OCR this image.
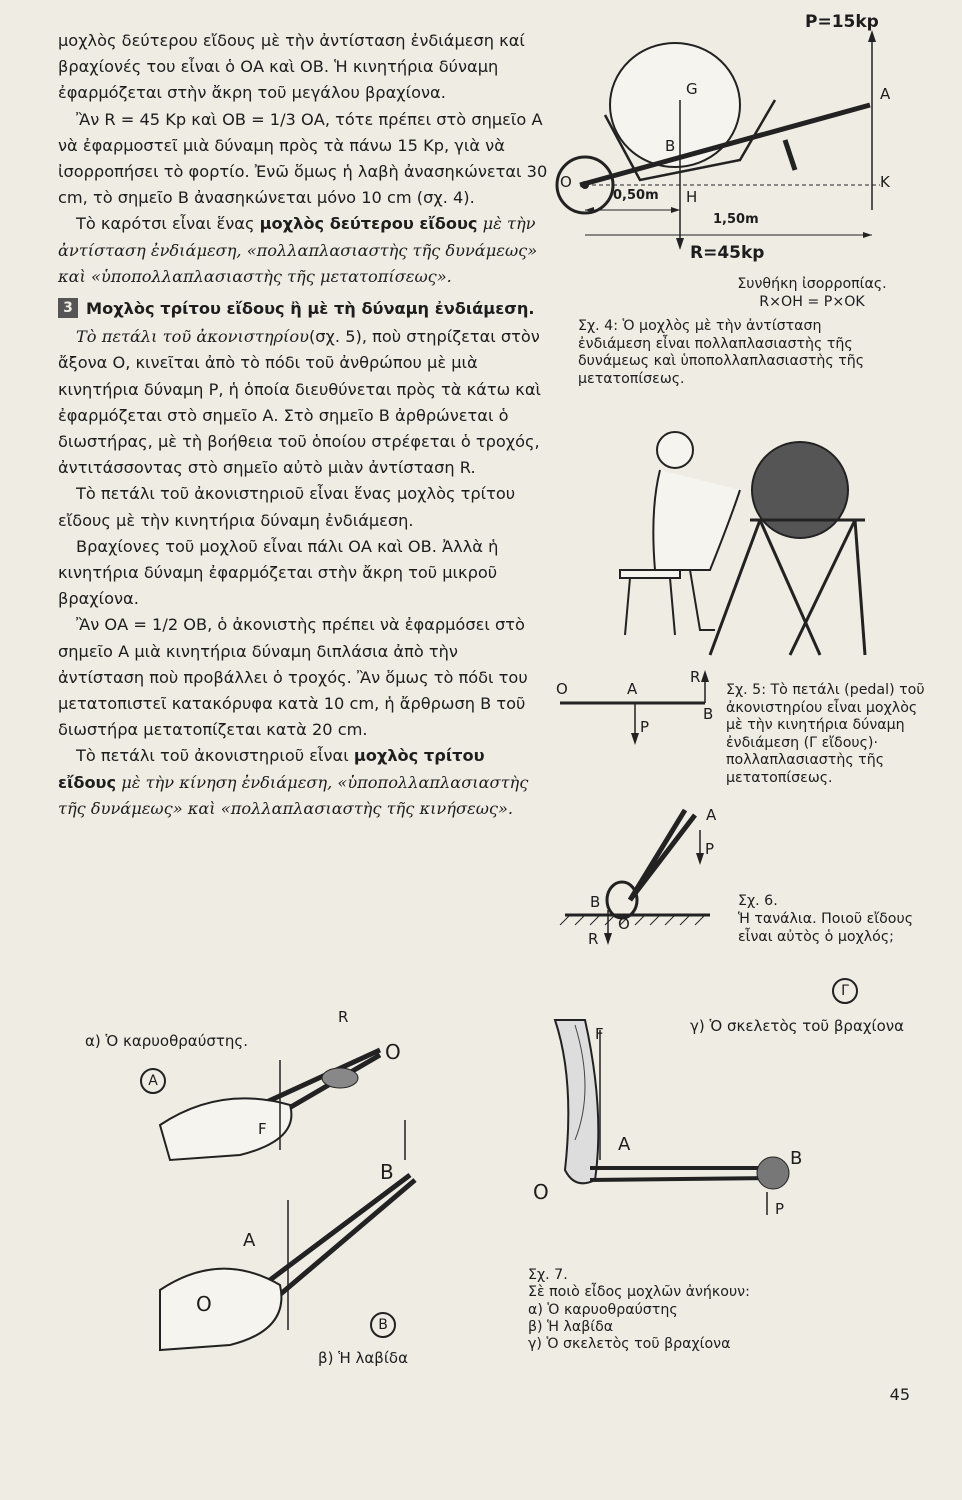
μοχλὸς δεύτερου εἴδους μὲ τὴν ἀντίσταση ἐνδιάμεση καί

βραχίονές του εἶναι ὁ ΟΑ καὶ ΟΒ. Ἡ κινητήρια δύναμη

ἐφαρμόζεται στὴν ἄκρη τοῦ μεγάλου βραχίονα.

Ἂν R = 45 Kp καὶ ΟΒ = 1/3 ΟΑ, τότε πρέπει στὸ σημεῖο Α νὰ ἐφαρμοστεῖ μιὰ δύναμη πρὸς τὰ πάνω 15 Kp, γιὰ νὰ ἰσορροπήσει τὸ φορτίο. Ἐνῶ ὅμως ἡ λαβὴ ἀνασηκώνεται 30 cm, τὸ σημεῖο Β ἀνασηκώνεται μόνο 10 cm (σχ. 4).

Τὸ καρότσι εἶναι ἕνας μοχλὸς δεύτερου εἴδους μὲ τὴν ἀντίσταση ἐνδιάμεση, «πολλαπλασιαστὴς τῆς δυνάμεως» καὶ «ὑποπολλαπλασιαστὴς τῆς μετατοπίσεως».

3 Μοχλὸς τρίτου εἴδους ἢ μὲ τὴ δύναμη ἐνδιάμεση.

Τὸ πετάλι τοῦ ἀκονιστηρίου(σχ. 5), ποὺ στηρίζεται στὸν ἄξονα Ο, κινεῖται ἀπὸ τὸ πόδι τοῦ ἀνθρώπου μὲ μιὰ κινητήρια δύναμη P, ἡ ὁποία διευθύνεται πρὸς τὰ κάτω καὶ ἐφαρμόζεται στὸ σημεῖο Α. Στὸ σημεῖο Β ἀρθρώνεται ὁ διωστήρας, μὲ τὴ βοήθεια τοῦ ὁποίου στρέφεται ὁ τροχός, ἀντιτάσσοντας στὸ σημεῖο αὐτὸ μιὰν ἀντίσταση R.

Τὸ πετάλι τοῦ ἀκονιστηριοῦ εἶναι ἕνας μοχλὸς τρίτου εἴδους μὲ τὴν κινητήρια δύναμη ἐνδιάμεση.

Βραχίονες τοῦ μοχλοῦ εἶναι πάλι ΟΑ καὶ ΟΒ. Ἀλλὰ ἡ κινητήρια δύναμη ἐφαρμόζεται στὴν ἄκρη τοῦ μικροῦ βραχίονα.

Ἂν ΟΑ = 1/2 ΟΒ, ὁ ἀκονιστὴς πρέπει νὰ ἐφαρμόσει στὸ σημεῖο Α μιὰ κινητήρια δύναμη διπλάσια ἀπὸ τὴν ἀντίσταση ποὺ προβάλλει ὁ τροχός. Ἂν ὅμως τὸ πόδι του μετατοπιστεῖ κατακόρυφα κατὰ 10 cm, ἡ ἄρθρωση Β τοῦ διωστήρα μετατοπίζεται κατὰ 20 cm.

Τὸ πετάλι τοῦ ἀκονιστηριοῦ εἶναι μοχλὸς τρίτου εἴδους μὲ τὴν κίνηση ἐνδιάμεση, «ὑποπολλαπλασιαστὴς τῆς δυνάμεως» καὶ «πολλαπλασιαστὴς τῆς κινήσεως».

P=15kp
R=45kp
0,50m
1,50m
O
G	A
B
H
K
Συνθήκη ἰσορροπίας.
R×OH = P×OK
Σχ. 4: Ὁ μοχλὸς μὲ τὴν ἀντίσταση ἐνδιάμεση εἶναι πολλαπλασιαστὴς τῆς δυνάμεως καὶ ὑποπολλαπλασιαστὴς τῆς μετατοπίσεως.
O	A
B
R
P
Σχ. 5: Τὸ πετάλι (pedal) τοῦ ἀκονιστηρίου εἶναι μοχλὸς μὲ τὴν κινητήρια δύναμη ἐνδιάμεση (Γ εἴδους)· πολλαπλασιαστὴς τῆς μετατοπίσεως.
A
P
B
O
R
Σχ. 6.
Ἡ τανάλια. Ποιοῦ εἴδους εἶναι αὐτὸς ὁ μοχλός;
α) Ὁ καρυοθραύστης.
A
O
R
F
B
A
O
B
β) Ἡ λαβίδα
Γ
γ) Ὁ σκελετὸς τοῦ βραχίονα
F
A
B
O
P
Σχ. 7.
Σὲ ποιὸ εἶδος μοχλῶν ἀνήκουν:
α) Ὁ καρυοθραύστης
β) Ἡ λαβίδα
γ) Ὁ σκελετὸς τοῦ βραχίονα
45
